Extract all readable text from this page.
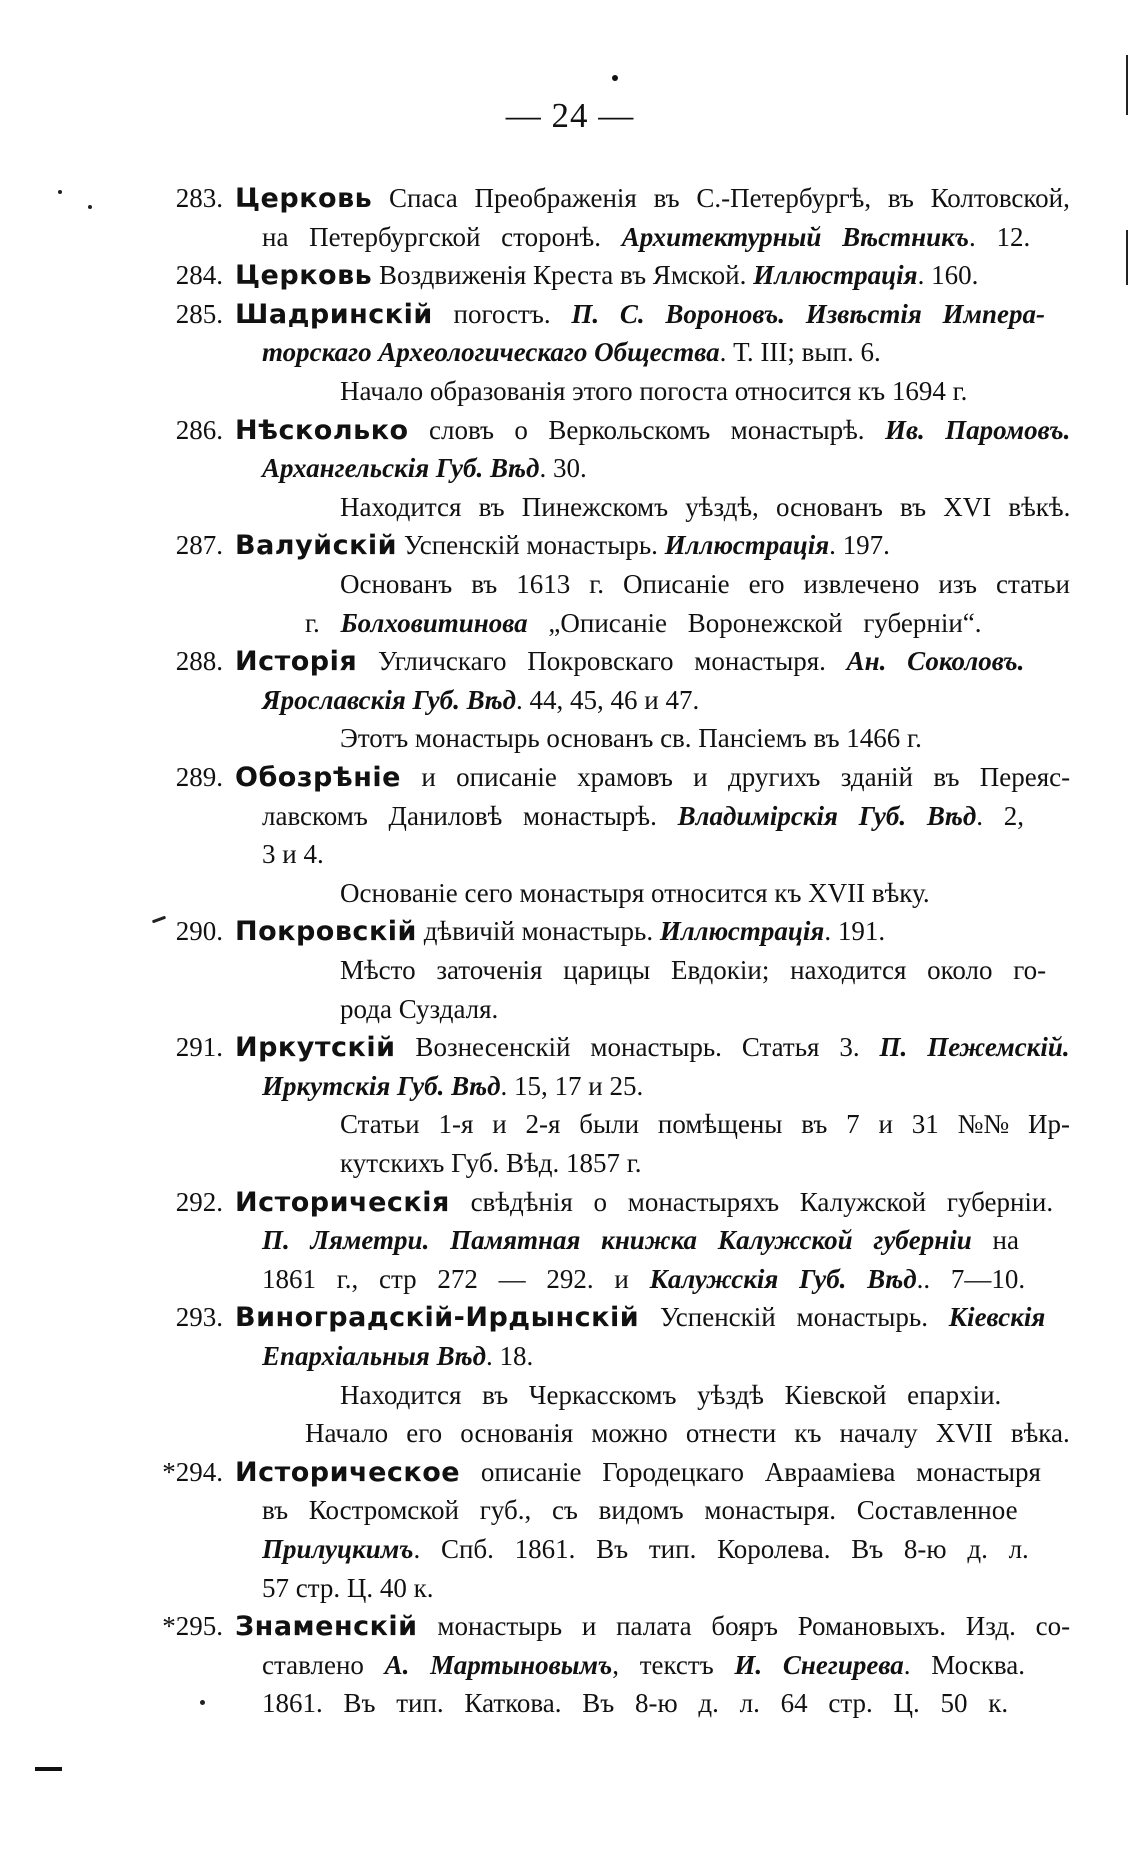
— 24 —
283. Церковь Спаса Преображенія въ С.-Петербургѣ, въ Колтовской,
на Петербургской сторонѣ. Архитектурный Вѣстникъ. 12.
284. Церковь Воздвиженія Креста въ Ямской. Иллюстрація. 160.
285. Шадринскій погостъ. П. С. Вороновъ. Извѣстія Импера-
торскаго Археологическаго Общества. Т. III; вып. 6.
Начало образованія этого погоста относится къ 1694 г.
286. Нѣсколько словъ о Веркольскомъ монастырѣ. Ив. Паромовъ.
Архангельскія Губ. Вѣд. 30.
Находится въ Пинежскомъ уѣздѣ, основанъ въ XVI вѣкѣ.
287. Валуйскій Успенскій монастырь. Иллюстрація. 197.
Основанъ въ 1613 г. Описаніе его извлечено изъ статьи
г. Болховитинова „Описаніе Воронежской губерніи“.
288. Исторія Угличскаго Покровскаго монастыря. Ан. Соколовъ.
Ярославскія Губ. Вѣд. 44, 45, 46 и 47.
Этотъ монастырь основанъ св. Пансіемъ въ 1466 г.
289. Обозрѣніе и описаніе храмовъ и другихъ зданій въ Переяс-
лавскомъ Даниловѣ монастырѣ. Владимірскія Губ. Вѣд. 2,
3 и 4.
Основаніе сего монастыря относится къ XVII вѣку.
290. Покровскій дѣвичій монастырь. Иллюстрація. 191.
Мѣсто заточенія царицы Евдокіи; находится около го-
рода Суздаля.
291. Иркутскій Вознесенскій монастырь. Статья 3. П. Пежемскій.
Иркутскія Губ. Вѣд. 15, 17 и 25.
Статьи 1-я и 2-я были помѣщены въ 7 и 31 №№ Ир-
кутскихъ Губ. Вѣд. 1857 г.
292. Историческія свѣдѣнія о монастыряхъ Калужской губерніи.
П. Ляметри. Памятная книжка Калужской губерніи на
1861 г., стр 272 — 292. и Калужскія Губ. Вѣд.. 7—10.
293. Виноградскій-Ирдынскій Успенскій монастырь. Кіевскія
Епархіальныя Вѣд. 18.
Находится въ Черкасскомъ уѣздѣ Кіевской епархіи.
Начало его основанія можно отнести къ началу XVII вѣка.
*294. Историческое описаніе Городецкаго Авраамiева монастыря
въ Костромской губ., съ видомъ монастыря. Составленное
Прилуцкимъ. Спб. 1861. Въ тип. Королева. Въ 8-ю д. л.
57 стр. Ц. 40 к.
*295. Знаменскій монастырь и палата бояръ Романовыхъ. Изд. со-
ставлено А. Мартыновымъ, текстъ И. Снегирева. Москва.
1861. Въ тип. Каткова. Въ 8-ю д. л. 64 стр. Ц. 50 к.
